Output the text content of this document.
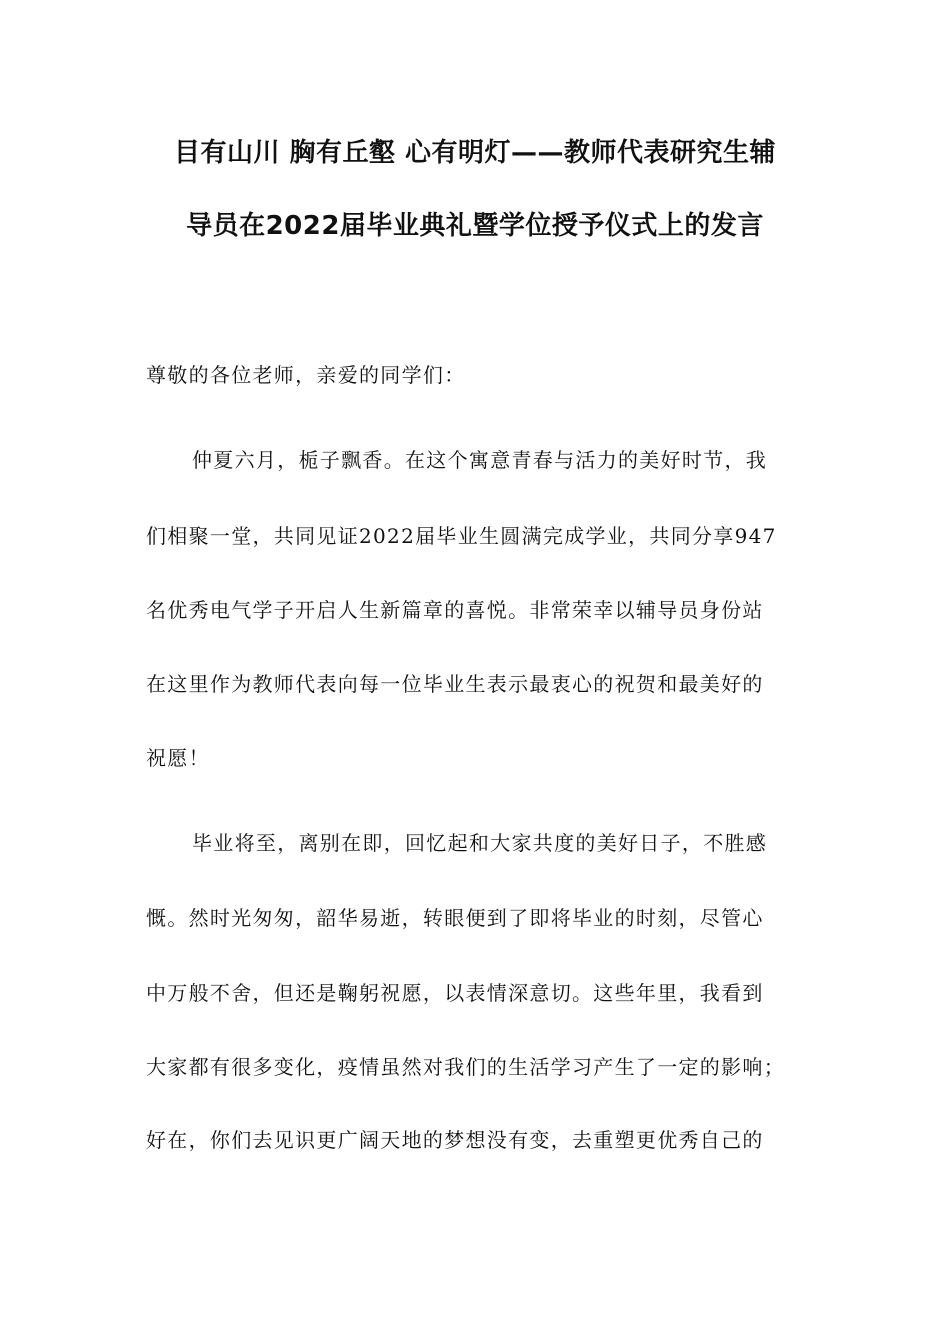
目有山川 胸有丘壑 心有明灯——教师代表研究生辅
导员在2022届毕业典礼暨学位授予仪式上的发言
尊敬的各位老师，亲爱的同学们：
仲夏六月，栀子飘香。在这个寓意青春与活力的美好时节，我
们相聚一堂，共同见证2022届毕业生圆满完成学业，共同分享947
名优秀电气学子开启人生新篇章的喜悦。非常荣幸以辅导员身份站
在这里作为教师代表向每一位毕业生表示最衷心的祝贺和最美好的
祝愿！
毕业将至，离别在即，回忆起和大家共度的美好日子，不胜感
慨。然时光匆匆，韶华易逝，转眼便到了即将毕业的时刻，尽管心
中万般不舍，但还是鞠躬祝愿，以表情深意切。这些年里，我看到
大家都有很多变化，疫情虽然对我们的生活学习产生了一定的影响；
好在，你们去见识更广阔天地的梦想没有变，去重塑更优秀自己的
